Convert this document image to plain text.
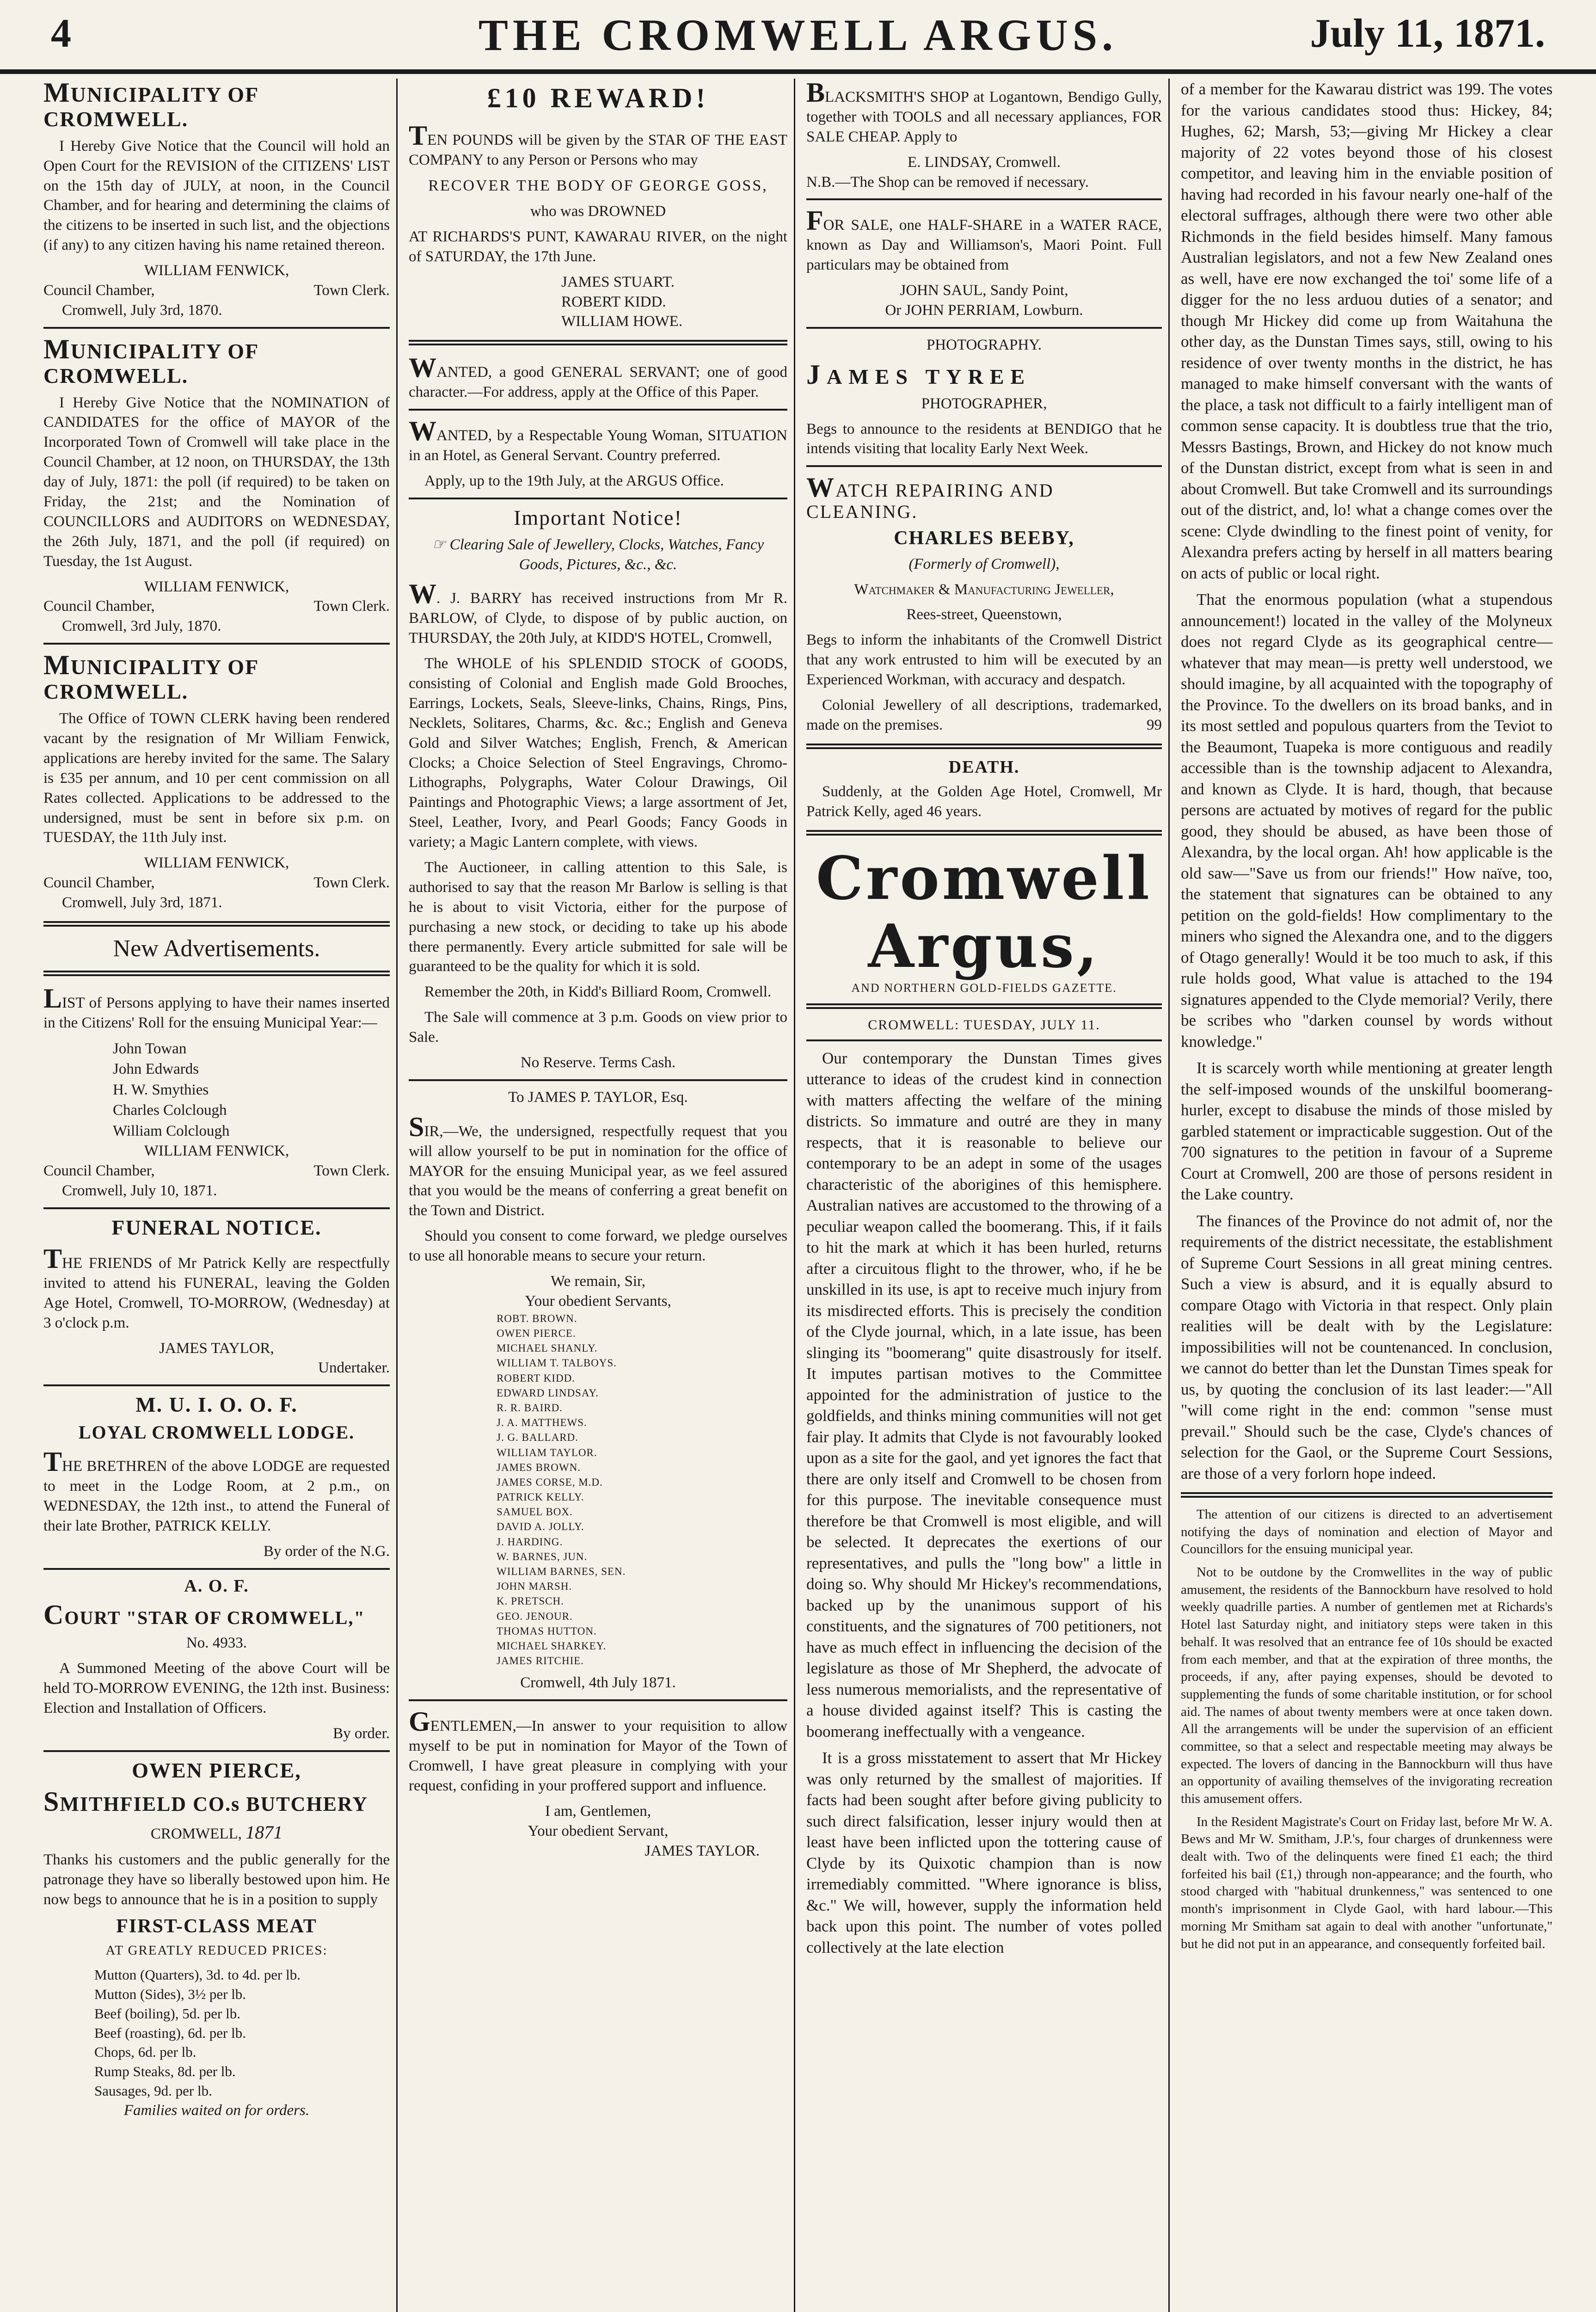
4	THE CROMWELL ARGUS.	July 11, 1871.

MUNICIPALITY OF CROMWELL.

I Hereby Give Notice that the Council will hold an Open Court for the REVISION of the CITIZENS' LIST on the 15th day of JULY, at noon, in the Council Chamber, and for hearing and determining the claims of the citizens to be inserted in such list, and the objections (if any) to any citizen having his name retained thereon.

WILLIAM FENWICK,

Council Chamber,	Town Clerk.

Cromwell, July 3rd, 1870.

MUNICIPALITY OF CROMWELL.

I Hereby Give Notice that the NOMINATION of CANDIDATES for the office of MAYOR of the Incorporated Town of Cromwell will take place in the Council Chamber, at 12 noon, on THURSDAY, the 13th day of July, 1871: the poll (if required) to be taken on Friday, the 21st; and the Nomination of COUNCILLORS and AUDITORS on WEDNESDAY, the 26th July, 1871, and the poll (if required) on Tuesday, the 1st August.

WILLIAM FENWICK,

Council Chamber,	Town Clerk.

Cromwell, 3rd July, 1870.

MUNICIPALITY OF CROMWELL.

The Office of TOWN CLERK having been rendered vacant by the resignation of Mr William Fenwick, applications are hereby invited for the same. The Salary is £35 per annum, and 10 per cent commission on all Rates collected. Applications to be addressed to the undersigned, must be sent in before six p.m. on TUESDAY, the 11th July inst.

WILLIAM FENWICK,

Council Chamber,	Town Clerk.

Cromwell, July 3rd, 1871.

New Advertisements.

LIST of Persons applying to have their names inserted in the Citizens' Roll for the ensuing Municipal Year:—

John Towan

John Edwards

H. W. Smythies

Charles Colclough

William Colclough

WILLIAM FENWICK,

Council Chamber,	Town Clerk.

Cromwell, July 10, 1871.

FUNERAL NOTICE.

THE FRIENDS of Mr Patrick Kelly are respectfully invited to attend his FUNERAL, leaving the Golden Age Hotel, Cromwell, TO-MORROW, (Wednesday) at 3 o'clock p.m.

JAMES TAYLOR,

Undertaker.

M. U. I. O. O. F.

LOYAL CROMWELL LODGE.

THE BRETHREN of the above LODGE are requested to meet in the Lodge Room, at 2 p.m., on WEDNESDAY, the 12th inst., to attend the Funeral of their late Brother, PATRICK KELLY.

By order of the N.G.

A. O. F.

COURT "STAR OF CROMWELL,"

No. 4933.

A Summoned Meeting of the above Court will be held TO-MORROW EVENING, the 12th inst. Business: Election and Installation of Officers.

By order.

OWEN PIERCE,

SMITHFIELD CO.s BUTCHERY

CROMWELL, 1871

Thanks his customers and the public generally for the patronage they have so liberally bestowed upon him. He now begs to announce that he is in a position to supply

FIRST-CLASS MEAT

AT GREATLY REDUCED PRICES:

Mutton (Quarters), 3d. to 4d. per lb.

Mutton (Sides), 3½ per lb.

Beef (boiling), 5d. per lb.

Beef (roasting), 6d. per lb.

Chops, 6d. per lb.

Rump Steaks, 8d. per lb.

Sausages, 9d. per lb.

Families waited on for orders.

£10 REWARD!

TEN POUNDS will be given by the STAR OF THE EAST COMPANY to any Person or Persons who may

RECOVER THE BODY OF GEORGE GOSS,

who was DROWNED

AT RICHARDS'S PUNT, KAWARAU RIVER, on the night of SATURDAY, the 17th June.

JAMES STUART.

ROBERT KIDD.

WILLIAM HOWE.

WANTED, a good GENERAL SERVANT; one of good character.—For address, apply at the Office of this Paper.

WANTED, by a Respectable Young Woman, SITUATION in an Hotel, as General Servant. Country preferred.

Apply, up to the 19th July, at the ARGUS Office.

Important Notice!

☞ Clearing Sale of Jewellery, Clocks, Watches, Fancy Goods, Pictures, &c., &c.

W. J. BARRY has received instructions from Mr R. BARLOW, of Clyde, to dispose of by public auction, on THURSDAY, the 20th July, at KIDD'S HOTEL, Cromwell,

The WHOLE of his SPLENDID STOCK of GOODS, consisting of Colonial and English made Gold Brooches, Earrings, Lockets, Seals, Sleeve-links, Chains, Rings, Pins, Necklets, Solitares, Charms, &c. &c.; English and Geneva Gold and Silver Watches; English, French, & American Clocks; a Choice Selection of Steel Engravings, Chromo-Lithographs, Polygraphs, Water Colour Drawings, Oil Paintings and Photographic Views; a large assortment of Jet, Steel, Leather, Ivory, and Pearl Goods; Fancy Goods in variety; a Magic Lantern complete, with views.

The Auctioneer, in calling attention to this Sale, is authorised to say that the reason Mr Barlow is selling is that he is about to visit Victoria, either for the purpose of purchasing a new stock, or deciding to take up his abode there permanently. Every article submitted for sale will be guaranteed to be the quality for which it is sold.

Remember the 20th, in Kidd's Billiard Room, Cromwell.

The Sale will commence at 3 p.m. Goods on view prior to Sale.

No Reserve. Terms Cash.

To JAMES P. TAYLOR, Esq.

SIR,—We, the undersigned, respectfully request that you will allow yourself to be put in nomination for the office of MAYOR for the ensuing Municipal year, as we feel assured that you would be the means of conferring a great benefit on the Town and District.

Should you consent to come forward, we pledge ourselves to use all honorable means to secure your return.

We remain, Sir,

Your obedient Servants,

ROBT. BROWN.

OWEN PIERCE.

MICHAEL SHANLY.

WILLIAM T. TALBOYS.

ROBERT KIDD.

EDWARD LINDSAY.

R. R. BAIRD.

J. A. MATTHEWS.

J. G. BALLARD.

WILLIAM TAYLOR.

JAMES BROWN.

JAMES CORSE, M.D.

PATRICK KELLY.

SAMUEL BOX.

DAVID A. JOLLY.

J. HARDING.

W. BARNES, JUN.

WILLIAM BARNES, SEN.

JOHN MARSH.

K. PRETSCH.

GEO. JENOUR.

THOMAS HUTTON.

MICHAEL SHARKEY.

JAMES RITCHIE.

Cromwell, 4th July 1871.

GENTLEMEN,—In answer to your requisition to allow myself to be put in nomination for Mayor of the Town of Cromwell, I have great pleasure in complying with your request, confiding in your proffered support and influence.

I am, Gentlemen,

Your obedient Servant,

JAMES TAYLOR.

BLACKSMITH'S SHOP at Logantown, Bendigo Gully, together with TOOLS and all necessary appliances, FOR SALE CHEAP. Apply to

E. LINDSAY, Cromwell.

N.B.—The Shop can be removed if necessary.

FOR SALE, one HALF-SHARE in a WATER RACE, known as Day and Williamson's, Maori Point. Full particulars may be obtained from

JOHN SAUL, Sandy Point,

Or JOHN PERRIAM, Lowburn.

PHOTOGRAPHY.

JAMES TYREE

PHOTOGRAPHER,

Begs to announce to the residents at BENDIGO that he intends visiting that locality Early Next Week.

WATCH REPAIRING AND CLEANING.

CHARLES BEEBY,

(Formerly of Cromwell),

Watchmaker & Manufacturing Jeweller,

Rees-street, Queenstown,

Begs to inform the inhabitants of the Cromwell District that any work entrusted to him will be executed by an Experienced Workman, with accuracy and despatch.

Colonial Jewellery of all descriptions, trademarked, made on the premises.	99

DEATH.

Suddenly, at the Golden Age Hotel, Cromwell, Mr Patrick Kelly, aged 46 years.

Cromwell Argus,

AND NORTHERN GOLD-FIELDS GAZETTE.

CROMWELL: TUESDAY, JULY 11.

Our contemporary the Dunstan Times gives utterance to ideas of the crudest kind in connection with matters affecting the welfare of the mining districts. So immature and outré are they in many respects, that it is reasonable to believe our contemporary to be an adept in some of the usages characteristic of the aborigines of this hemisphere. Australian natives are accustomed to the throwing of a peculiar weapon called the boomerang. This, if it fails to hit the mark at which it has been hurled, returns after a circuitous flight to the thrower, who, if he be unskilled in its use, is apt to receive much injury from its misdirected efforts. This is precisely the condition of the Clyde journal, which, in a late issue, has been slinging its "boomerang" quite disastrously for itself. It imputes partisan motives to the Committee appointed for the administration of justice to the goldfields, and thinks mining communities will not get fair play. It admits that Clyde is not favourably looked upon as a site for the gaol, and yet ignores the fact that there are only itself and Cromwell to be chosen from for this purpose. The inevitable consequence must therefore be that Cromwell is most eligible, and will be selected. It deprecates the exertions of our representatives, and pulls the "long bow" a little in doing so. Why should Mr Hickey's recommendations, backed up by the unanimous support of his constituents, and the signatures of 700 petitioners, not have as much effect in influencing the decision of the legislature as those of Mr Shepherd, the advocate of less numerous memorialists, and the representative of a house divided against itself? This is casting the boomerang ineffectually with a vengeance.

It is a gross misstatement to assert that Mr Hickey was only returned by the smallest of majorities. If facts had been sought after before giving publicity to such direct falsification, lesser injury would then at least have been inflicted upon the tottering cause of Clyde by its Quixotic champion than is now irremediably committed. "Where ignorance is bliss, &c." We will, however, supply the information held back upon this point. The number of votes polled collectively at the late election

of a member for the Kawarau district was 199. The votes for the various candidates stood thus: Hickey, 84; Hughes, 62; Marsh, 53;—giving Mr Hickey a clear majority of 22 votes beyond those of his closest competitor, and leaving him in the enviable position of having had recorded in his favour nearly one-half of the electoral suffrages, although there were two other able Richmonds in the field besides himself. Many famous Australian legislators, and not a few New Zealand ones as well, have ere now exchanged the toi' some life of a digger for the no less arduou duties of a senator; and though Mr Hickey did come up from Waitahuna the other day, as the Dunstan Times says, still, owing to his residence of over twenty months in the district, he has managed to make himself conversant with the wants of the place, a task not difficult to a fairly intelligent man of common sense capacity. It is doubtless true that the trio, Messrs Bastings, Brown, and Hickey do not know much of the Dunstan district, except from what is seen in and about Cromwell. But take Cromwell and its surroundings out of the district, and, lo! what a change comes over the scene: Clyde dwindling to the finest point of venity, for Alexandra prefers acting by herself in all matters bearing on acts of public or local right.

That the enormous population (what a stupendous announcement!) located in the valley of the Molyneux does not regard Clyde as its geographical centre—whatever that may mean—is pretty well understood, we should imagine, by all acquainted with the topography of the Province. To the dwellers on its broad banks, and in its most settled and populous quarters from the Teviot to the Beaumont, Tuapeka is more contiguous and readily accessible than is the township adjacent to Alexandra, and known as Clyde. It is hard, though, that because persons are actuated by motives of regard for the public good, they should be abused, as have been those of Alexandra, by the local organ. Ah! how applicable is the old saw—"Save us from our friends!" How naïve, too, the statement that signatures can be obtained to any petition on the gold-fields! How complimentary to the miners who signed the Alexandra one, and to the diggers of Otago generally! Would it be too much to ask, if this rule holds good, What value is attached to the 194 signatures appended to the Clyde memorial? Verily, there be scribes who "darken counsel by words without knowledge."

It is scarcely worth while mentioning at greater length the self-imposed wounds of the unskilful boomerang-hurler, except to disabuse the minds of those misled by garbled statement or impracticable suggestion. Out of the 700 signatures to the petition in favour of a Supreme Court at Cromwell, 200 are those of persons resident in the Lake country.

The finances of the Province do not admit of, nor the requirements of the district necessitate, the establishment of Supreme Court Sessions in all great mining centres. Such a view is absurd, and it is equally absurd to compare Otago with Victoria in that respect. Only plain realities will be dealt with by the Legislature: impossibilities will not be countenanced. In conclusion, we cannot do better than let the Dunstan Times speak for us, by quoting the conclusion of its last leader:—"All "will come right in the end: common "sense must prevail." Should such be the case, Clyde's chances of selection for the Gaol, or the Supreme Court Sessions, are those of a very forlorn hope indeed.

The attention of our citizens is directed to an advertisement notifying the days of nomination and election of Mayor and Councillors for the ensuing municipal year.

Not to be outdone by the Cromwellites in the way of public amusement, the residents of the Bannockburn have resolved to hold weekly quadrille parties. A number of gentlemen met at Richards's Hotel last Saturday night, and initiatory steps were taken in this behalf. It was resolved that an entrance fee of 10s should be exacted from each member, and that at the expiration of three months, the proceeds, if any, after paying expenses, should be devoted to supplementing the funds of some charitable institution, or for school aid. The names of about twenty members were at once taken down. All the arrangements will be under the supervision of an efficient committee, so that a select and respectable meeting may always be expected. The lovers of dancing in the Bannockburn will thus have an opportunity of availing themselves of the invigorating recreation this amusement offers.

In the Resident Magistrate's Court on Friday last, before Mr W. A. Bews and Mr W. Smitham, J.P.'s, four charges of drunkenness were dealt with. Two of the delinquents were fined £1 each; the third forfeited his bail (£1,) through non-appearance; and the fourth, who stood charged with "habitual drunkenness," was sentenced to one month's imprisonment in Clyde Gaol, with hard labour.—This morning Mr Smitham sat again to deal with another "unfortunate," but he did not put in an appearance, and consequently forfeited bail.
